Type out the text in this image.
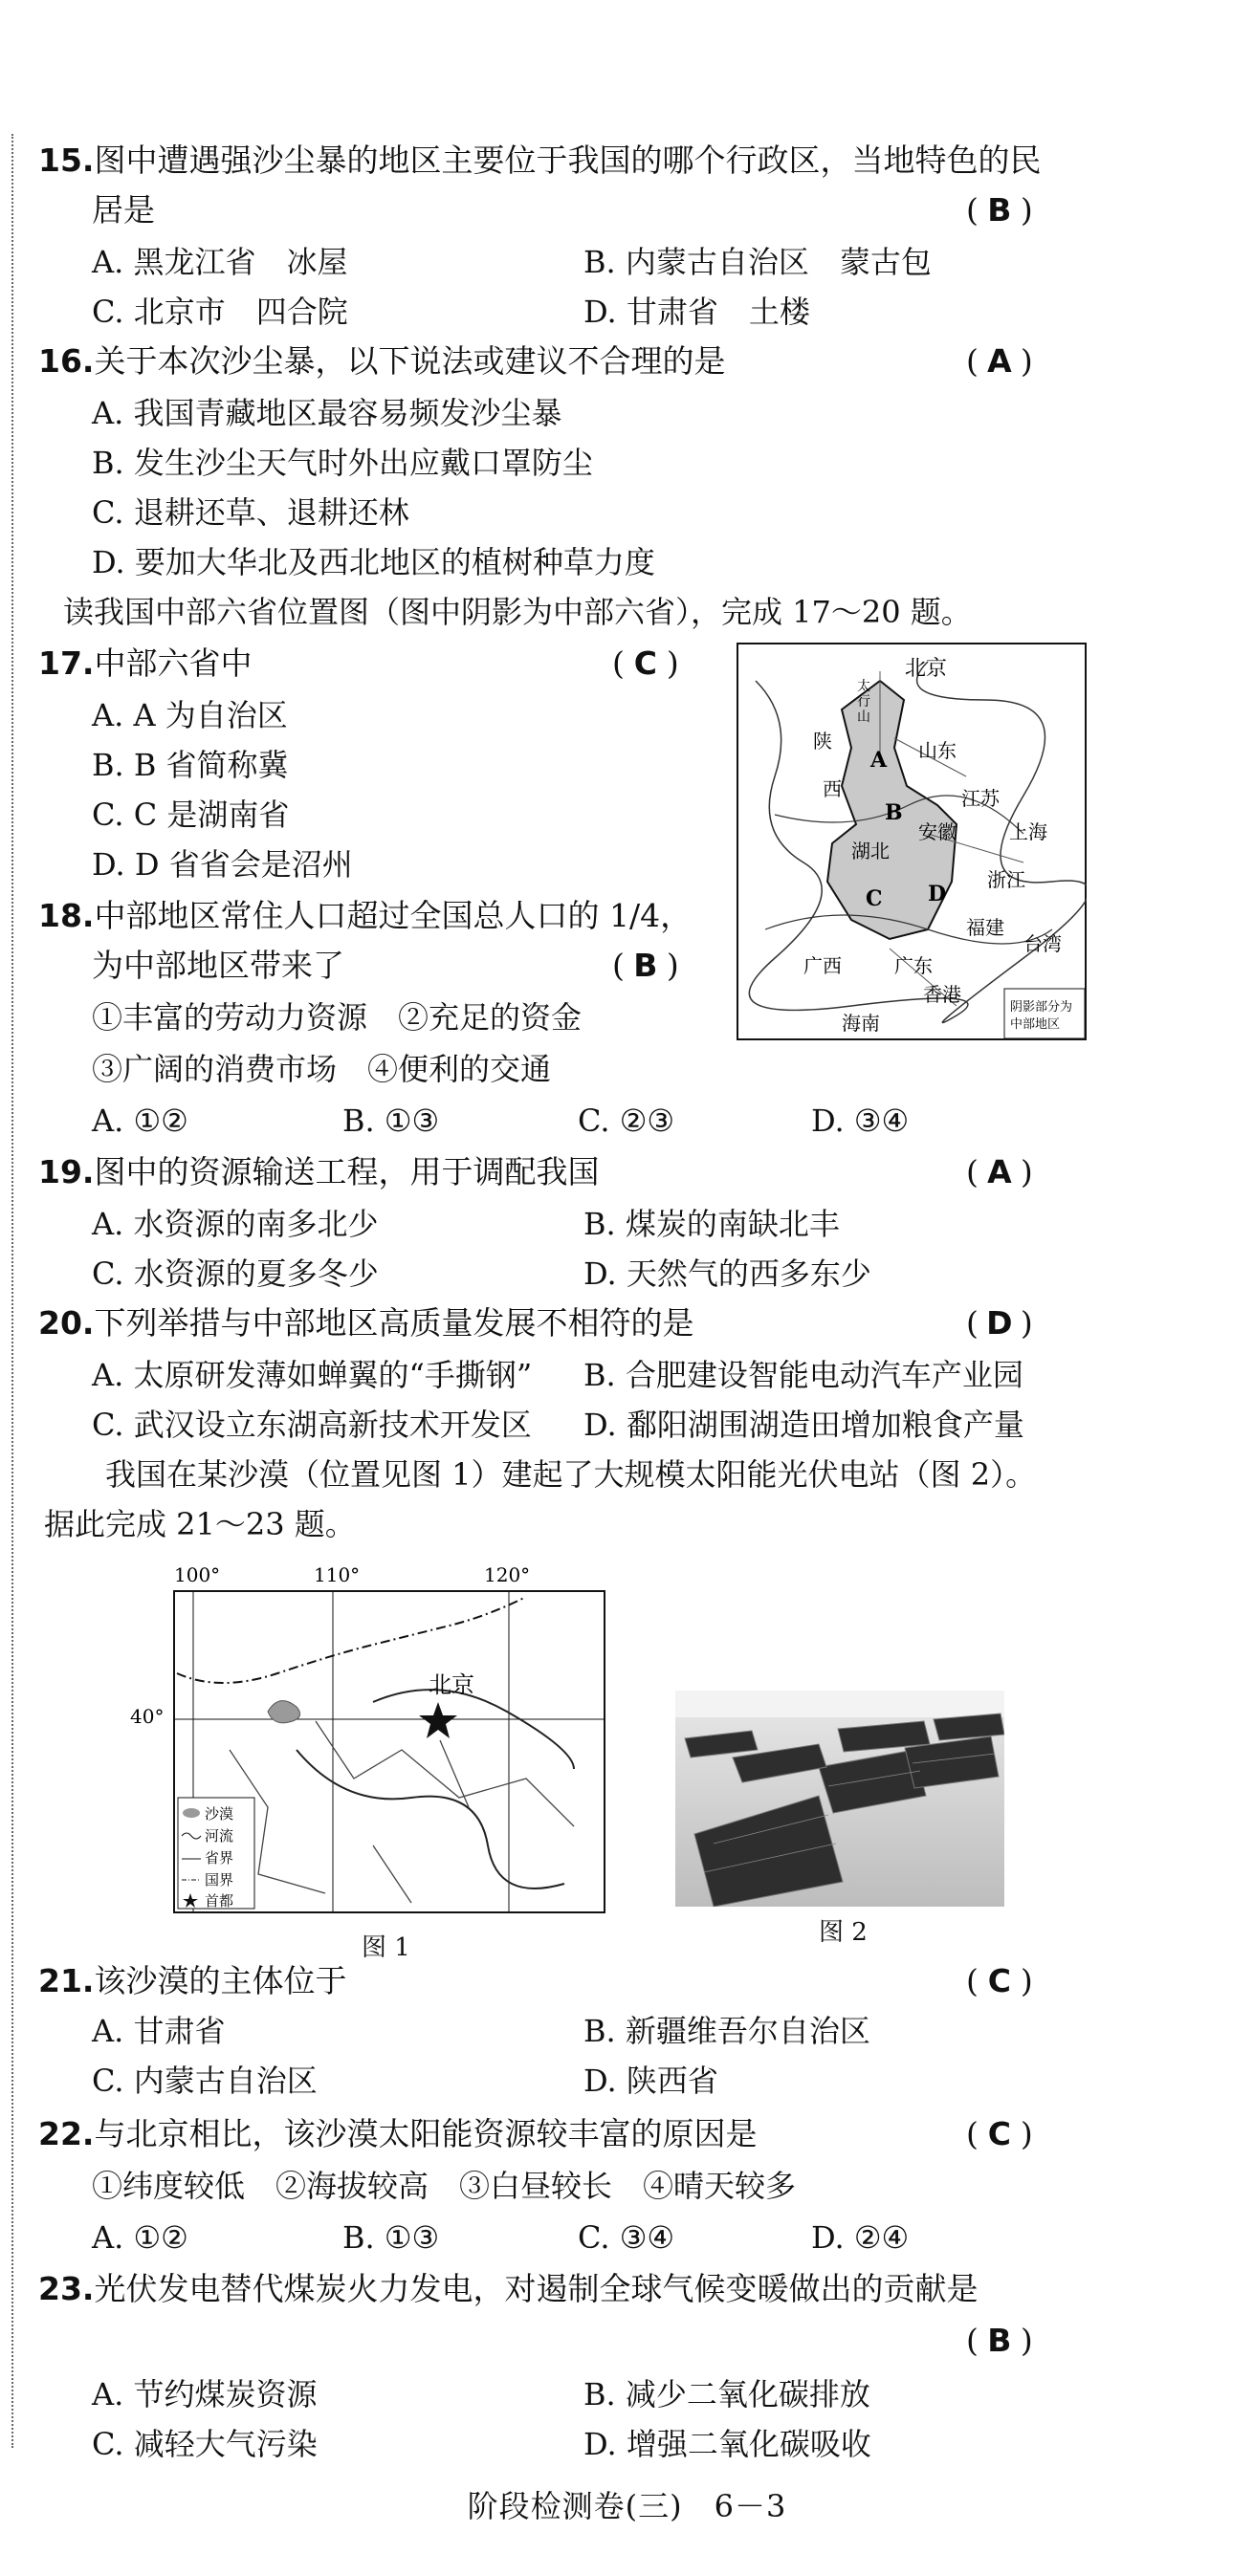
15.图中遭遇强沙尘暴的地区主要位于我国的哪个行政区，当地特色的民
居是	( B )
A. 黑龙江省　冰屋	B. 内蒙古自治区　蒙古包
C. 北京市　四合院	D. 甘肃省　土楼
16.关于本次沙尘暴，以下说法或建议不合理的是	( A )
A. 我国青藏地区最容易频发沙尘暴
B. 发生沙尘天气时外出应戴口罩防尘
C. 退耕还草、退耕还林
D. 要加大华北及西北地区的植树种草力度
读我国中部六省位置图（图中阴影为中部六省），完成 17～20 题。
17.中部六省中	( C )
A. A 为自治区
B. B 省简称冀
C. C 是湖南省
D. D 省省会是沼州
18.中部地区常住人口超过全国总人口的 1/4，
为中部地区带来了	( B )
①丰富的劳动力资源　②充足的资金
③广阔的消费市场　④便利的交通
A. ①②	B. ①③	C. ②③	D. ③④
北京
山东
江苏
安徽	上海
浙江
福建
台湾
广东
广西
香港
海南
湖北
陕
西
太
行
山
A
B
C D
阴影部分为
中部地区
19.图中的资源输送工程，用于调配我国	( A )
A. 水资源的南多北少	B. 煤炭的南缺北丰
C. 水资源的夏多冬少	D. 天然气的西多东少
20.下列举措与中部地区高质量发展不相符的是	( D )
A. 太原研发薄如蝉翼的“手撕钢” B. 合肥建设智能电动汽车产业园
C. 武汉设立东湖高新技术开发区 D. 鄱阳湖围湖造田增加粮食产量
我国在某沙漠（位置见图 1）建起了大规模太阳能光伏电站（图 2）。
据此完成 21～23 题。
100°	110°	120°
40°
北京
沙漠
河流
省界
国界
首都
图 1
图 2
21.该沙漠的主体位于	( C )
A. 甘肃省	B. 新疆维吾尔自治区
C. 内蒙古自治区	D. 陕西省
22.与北京相比，该沙漠太阳能资源较丰富的原因是	( C )
①纬度较低　②海拔较高　③白昼较长　④晴天较多
A. ①②	B. ①③	C. ③④	D. ②④
23.光伏发电替代煤炭火力发电，对遏制全球气候变暖做出的贡献是
( B )
A. 节约煤炭资源	B. 减少二氧化碳排放
C. 减轻大气污染	D. 增强二氧化碳吸收
阶段检测卷(三)　6－3
